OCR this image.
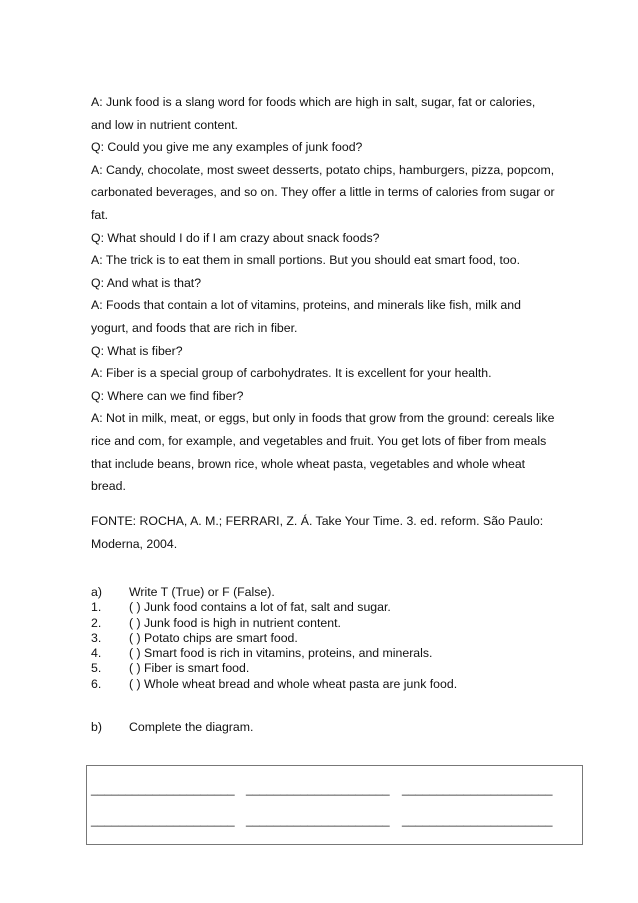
A: Junk food is a slang word for foods which are high in salt, sugar, fat or calories,

and low in nutrient content.

Q: Could you give me any examples of junk food?

A: Candy, chocolate, most sweet desserts, potato chips, hamburgers, pizza, popcom,

carbonated beverages, and so on. They offer a little in terms of calories from sugar or

fat.

Q: What should I do if I am crazy about snack foods?

A: The trick is to eat them in small portions. But you should eat smart food, too.

Q: And what is that?

A: Foods that contain a lot of vitamins, proteins, and minerals like fish, milk and

yogurt, and foods that are rich in fiber.

Q: What is fiber?

A: Fiber is a special group of carbohydrates. It is excellent for your health.

Q: Where can we find fiber?

A: Not in milk, meat, or eggs, but only in foods that grow from the ground: cereals like

rice and com, for example, and vegetables and fruit. You get lots of fiber from meals

that include beans, brown rice, whole wheat pasta, vegetables and whole wheat

bread.

FONTE: ROCHA, A. M.; FERRARI, Z. Á. Take Your Time. 3. ed. reform. São Paulo:

Moderna, 2004.

a)	Write T (True) or F (False).
1.	( ) Junk food contains a lot of fat, salt and sugar.
2.	( ) Junk food is high in nutrient content.
3.	( ) Potato chips are smart food.
4.	( ) Smart food is rich in vitamins, proteins, and minerals.
5.	( ) Fiber is smart food.
6.	( ) Whole wheat bread and whole wheat pasta are junk food.
b)	Complete the diagram.
_____________________ _____________________ ______________________
_____________________ _____________________ ______________________
